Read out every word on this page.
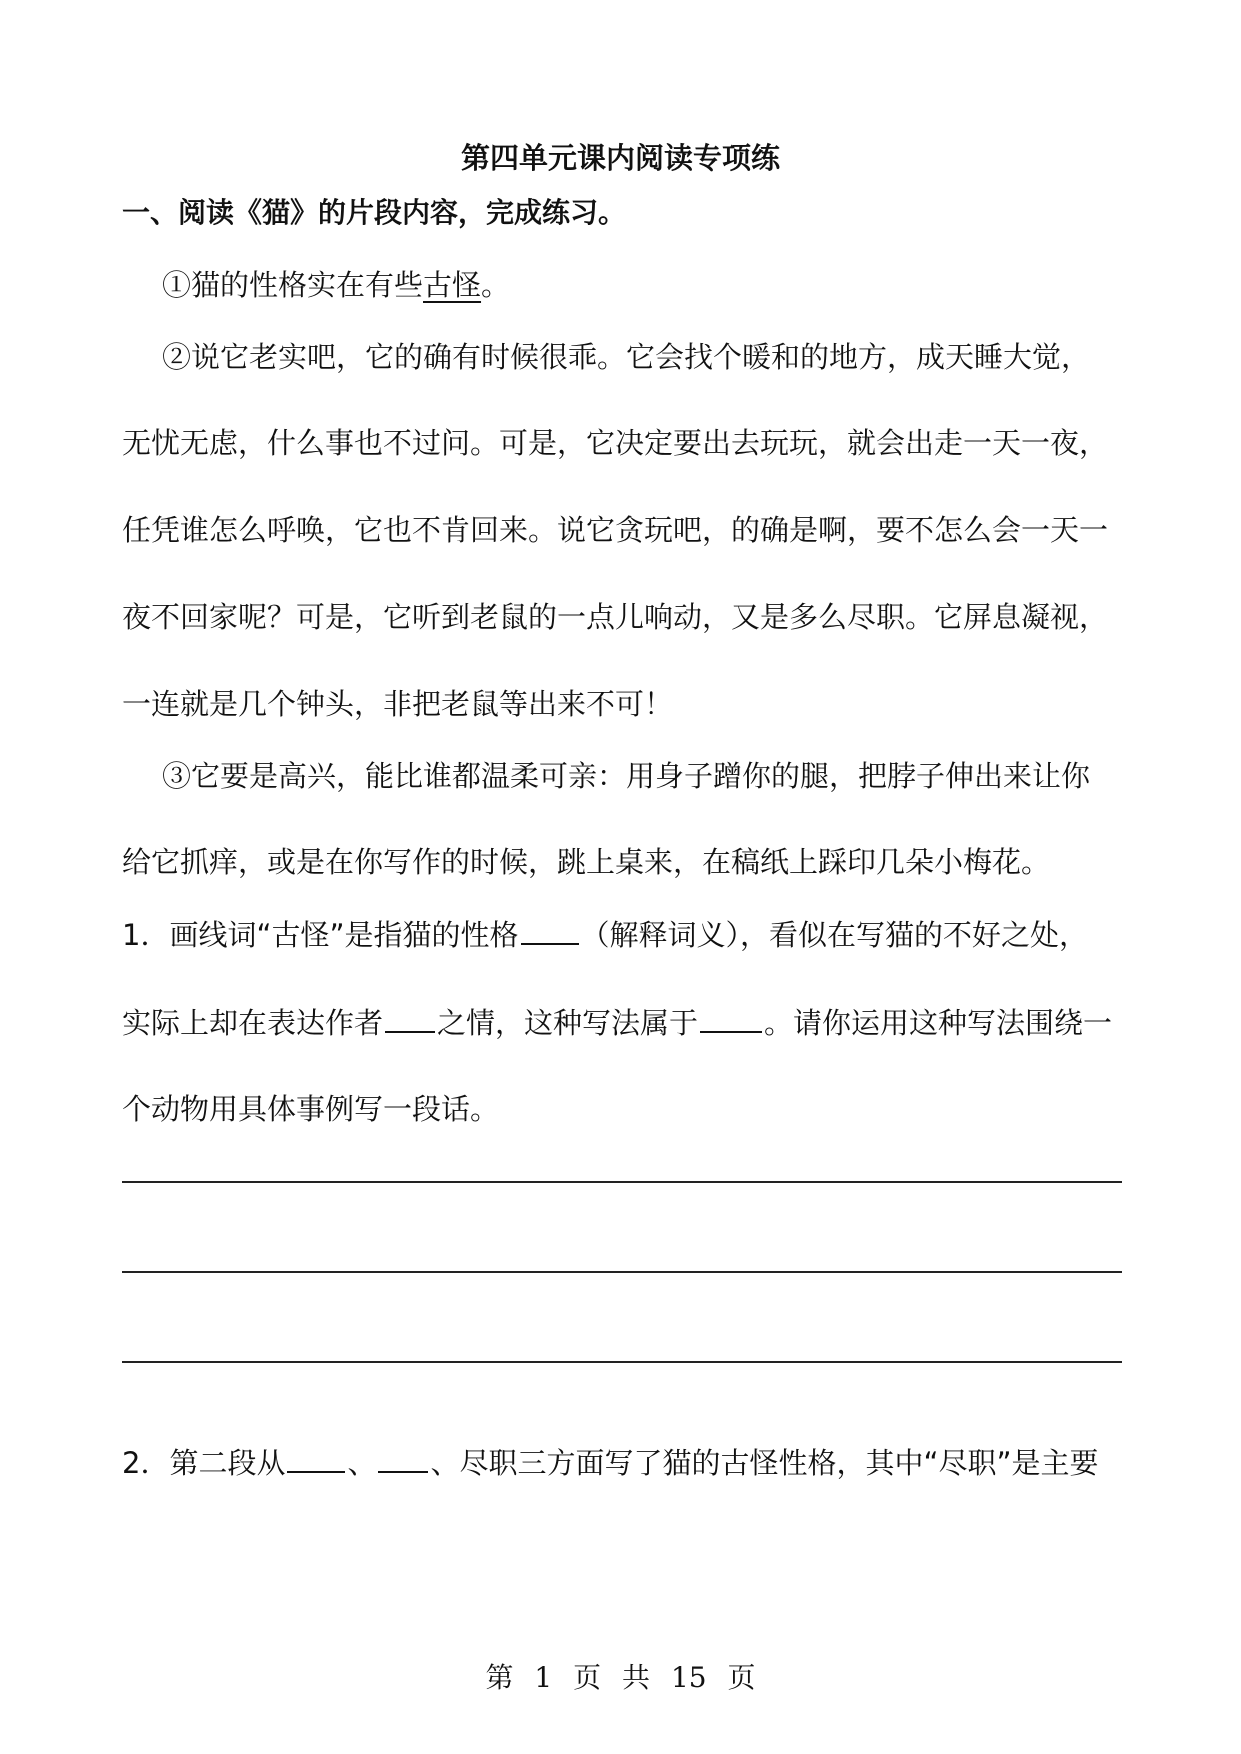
第四单元课内阅读专项练
一、阅读《猫》的片段内容，完成练习。
①猫的性格实在有些古怪。
②说它老实吧，它的确有时候很乖。它会找个暖和的地方，成天睡大觉，
无忧无虑，什么事也不过问。可是，它决定要出去玩玩，就会出走一天一夜，
任凭谁怎么呼唤，它也不肯回来。说它贪玩吧，的确是啊，要不怎么会一天一
夜不回家呢？可是，它听到老鼠的一点儿响动，又是多么尽职。它屏息凝视，
一连就是几个钟头，非把老鼠等出来不可！
③它要是高兴，能比谁都温柔可亲：用身子蹭你的腿，把脖子伸出来让你
给它抓痒，或是在你写作的时候，跳上桌来，在稿纸上踩印几朵小梅花。
1．画线词“古怪”是指猫的性格 （解释词义），看似在写猫的不好之处，
实际上却在表达作者 之情，这种写法属于 。请你运用这种写法围绕一
个动物用具体事例写一段话。
2．第二段从 、 、尽职三方面写了猫的古怪性格，其中“尽职”是主要
第 1 页 共 15 页
